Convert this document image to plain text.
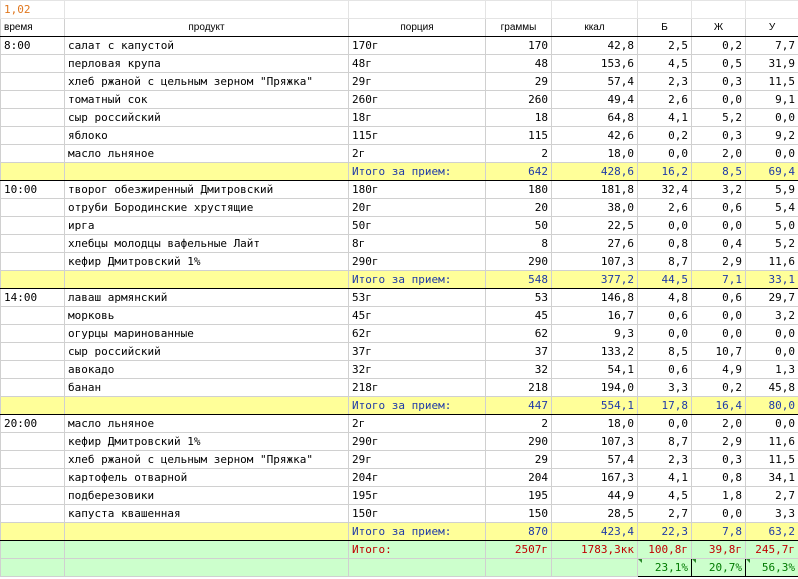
1,02							
время	продукт	порция	граммы	ккал	Б	Ж	У
8:00	салат с капустой	170г	170	42,8	2,5	0,2	7,7
	перловая крупа	48г	48	153,6	4,5	0,5	31,9
	хлеб ржаной с цельным зерном "Пряжка"	29г	29	57,4	2,3	0,3	11,5
	томатный сок	260г	260	49,4	2,6	0,0	9,1
	сыр российский	18г	18	64,8	4,1	5,2	0,0
	яблоко	115г	115	42,6	0,2	0,3	9,2
	масло льняное	2г	2	18,0	0,0	2,0	0,0
		Итого за прием:	642	428,6	16,2	8,5	69,4
10:00	творог обезжиренный Дмитровский	180г	180	181,8	32,4	3,2	5,9
	отруби Бородинские хрустящие	20г	20	38,0	2,6	0,6	5,4
	ирга	50г	50	22,5	0,0	0,0	5,0
	хлебцы молодцы вафельные Лайт	8г	8	27,6	0,8	0,4	5,2
	кефир Дмитровский 1%	290г	290	107,3	8,7	2,9	11,6
		Итого за прием:	548	377,2	44,5	7,1	33,1
14:00	лаваш армянский	53г	53	146,8	4,8	0,6	29,7
	морковь	45г	45	16,7	0,6	0,0	3,2
	огурцы маринованные	62г	62	9,3	0,0	0,0	0,0
	сыр российский	37г	37	133,2	8,5	10,7	0,0
	авокадо	32г	32	54,1	0,6	4,9	1,3
	банан	218г	218	194,0	3,3	0,2	45,8
		Итого за прием:	447	554,1	17,8	16,4	80,0
20:00	масло льняное	2г	2	18,0	0,0	2,0	0,0
	кефир Дмитровский 1%	290г	290	107,3	8,7	2,9	11,6
	хлеб ржаной с цельным зерном "Пряжка"	29г	29	57,4	2,3	0,3	11,5
	картофель отварной	204г	204	167,3	4,1	0,8	34,1
	подберезовики	195г	195	44,9	4,5	1,8	2,7
	капуста квашенная	150г	150	28,5	2,7	0,0	3,3
		Итого за прием:	870	423,4	22,3	7,8	63,2
		Итого:	2507г	1783,3кк	100,8г	39,8г	245,7г
					23,1%	20,7%	56,3%
